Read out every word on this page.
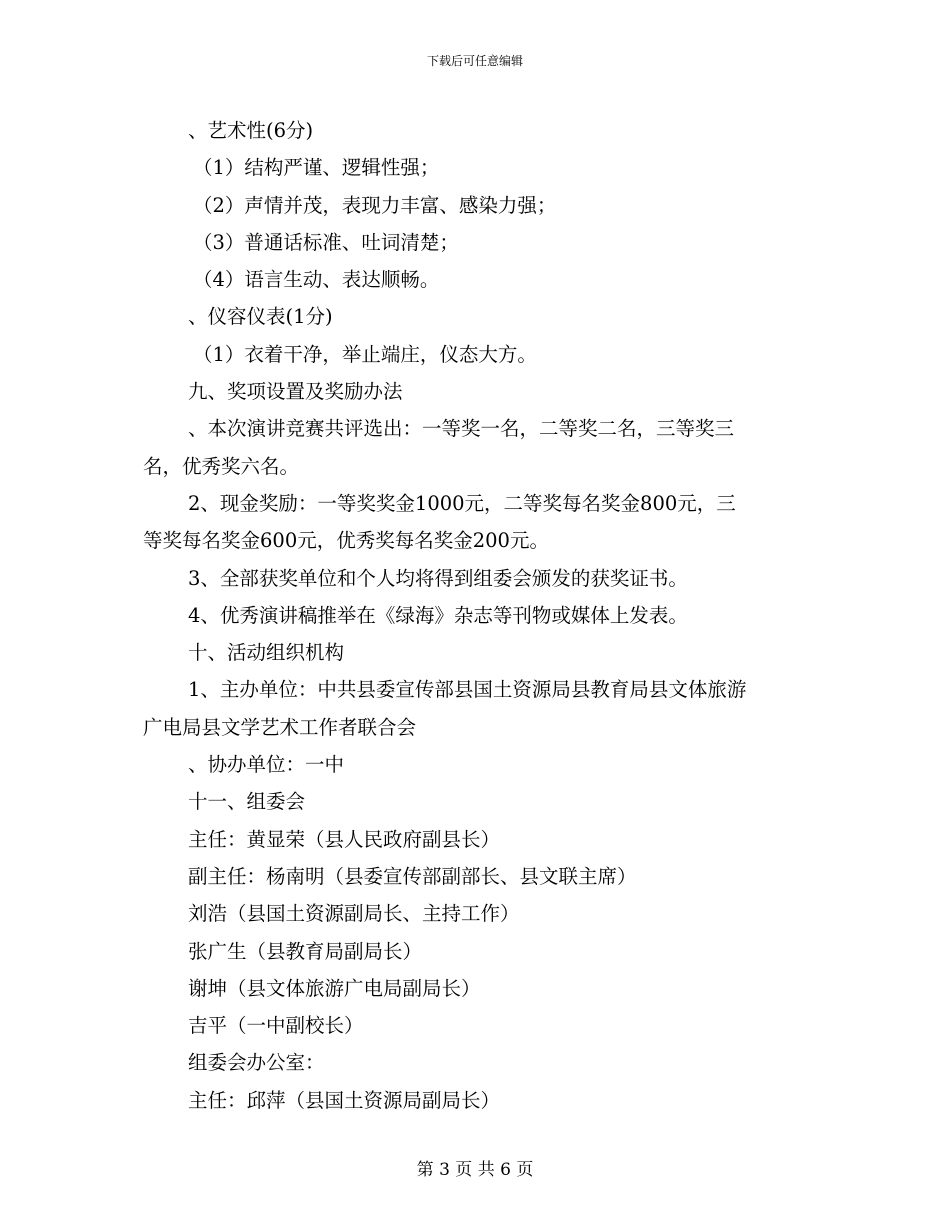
下载后可任意编辑
、艺术性(6分)
（1）结构严谨、逻辑性强；
（2）声情并茂，表现力丰富、感染力强；
（3）普通话标准、吐词清楚；
（4）语言生动、表达顺畅。
、仪容仪表(1分)
（1）衣着干净，举止端庄，仪态大方。
九、奖项设置及奖励办法
、本次演讲竞赛共评选出：一等奖一名，二等奖二名，三等奖三
名，优秀奖六名。
2、现金奖励：一等奖奖金1000元，二等奖每名奖金800元，三
等奖每名奖金600元，优秀奖每名奖金200元。
3、全部获奖单位和个人均将得到组委会颁发的获奖证书。
4、优秀演讲稿推举在《绿海》杂志等刊物或媒体上发表。
十、活动组织机构
1、主办单位：中共县委宣传部县国土资源局县教育局县文体旅游
广电局县文学艺术工作者联合会
、协办单位：一中
十一、组委会
主任：黄显荣（县人民政府副县长）
副主任：杨南明（县委宣传部副部长、县文联主席）
刘浩（县国土资源副局长、主持工作）
张广生（县教育局副局长）
谢坤（县文体旅游广电局副局长）
吉平（一中副校长）
组委会办公室：
主任：邱萍（县国土资源局副局长）
第 3 页 共 6 页
